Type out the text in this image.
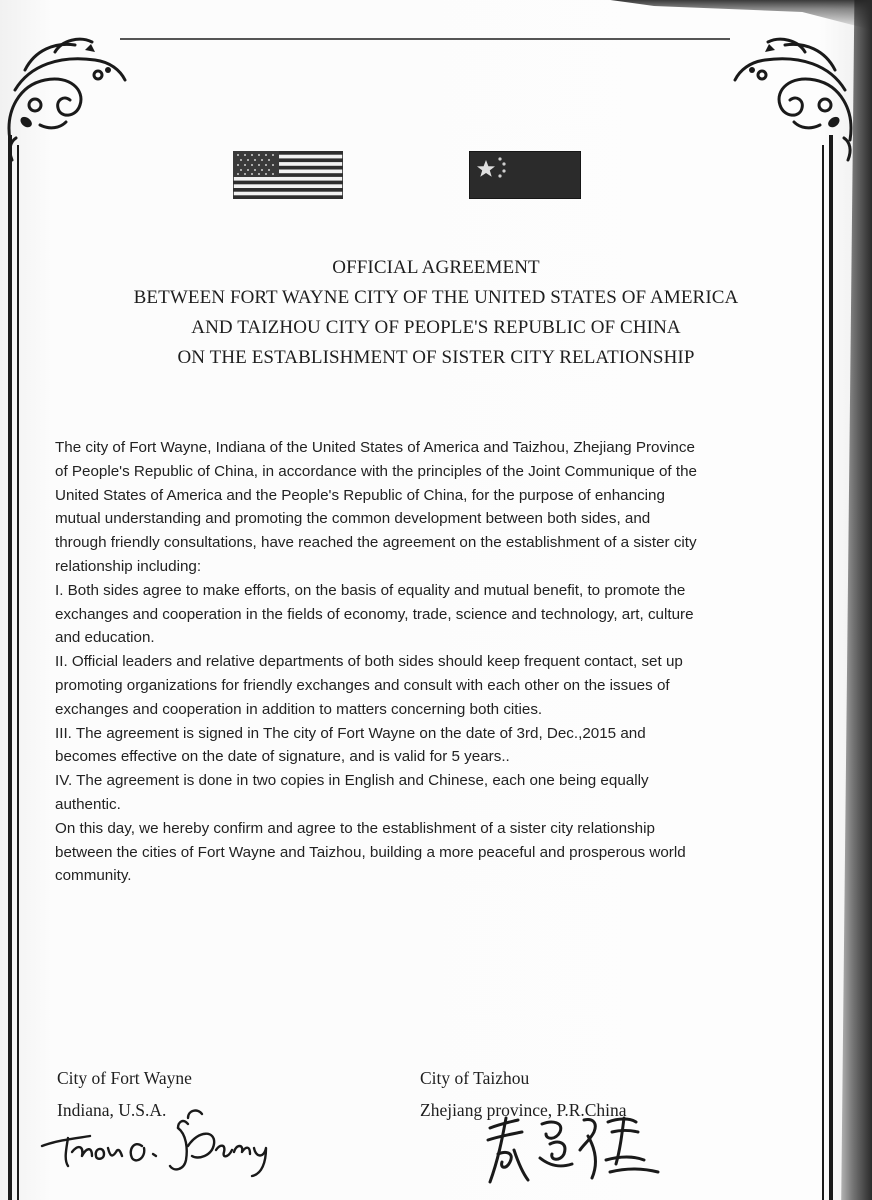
OFFICIAL AGREEMENT
BETWEEN FORT WAYNE CITY OF THE UNITED STATES OF AMERICA
AND TAIZHOU CITY OF PEOPLE'S REPUBLIC OF CHINA
ON THE ESTABLISHMENT OF SISTER CITY RELATIONSHIP
The city of Fort Wayne, Indiana of the United States of America and Taizhou, Zhejiang Province
of People's Republic of China, in accordance with the principles of the Joint Communique of the
United States of America and the People's Republic of China, for the purpose of enhancing
mutual understanding and promoting the common development between both sides, and
through friendly consultations, have reached the agreement on the establishment of a sister city
relationship including:
I. Both sides agree to make efforts, on the basis of equality and mutual benefit, to promote the
exchanges and cooperation in the fields of economy, trade, science and technology, art, culture
and education.
II. Official leaders and relative departments of both sides should keep frequent contact, set up
promoting organizations for friendly exchanges and consult with each other on the issues of
exchanges and cooperation in addition to matters concerning both cities.
III. The agreement is signed in The city of Fort Wayne on the date of 3rd, Dec.,2015 and
becomes effective on the date of signature, and is valid for 5 years..
IV. The agreement is done in two copies in English and Chinese, each one being equally
authentic.
On this day, we hereby confirm and agree to the establishment of a sister city relationship
between the cities of Fort Wayne and Taizhou, building a more peaceful and prosperous world
community.
City of Fort Wayne
Indiana, U.S.A.
City of Taizhou
Zhejiang province, P.R.China
